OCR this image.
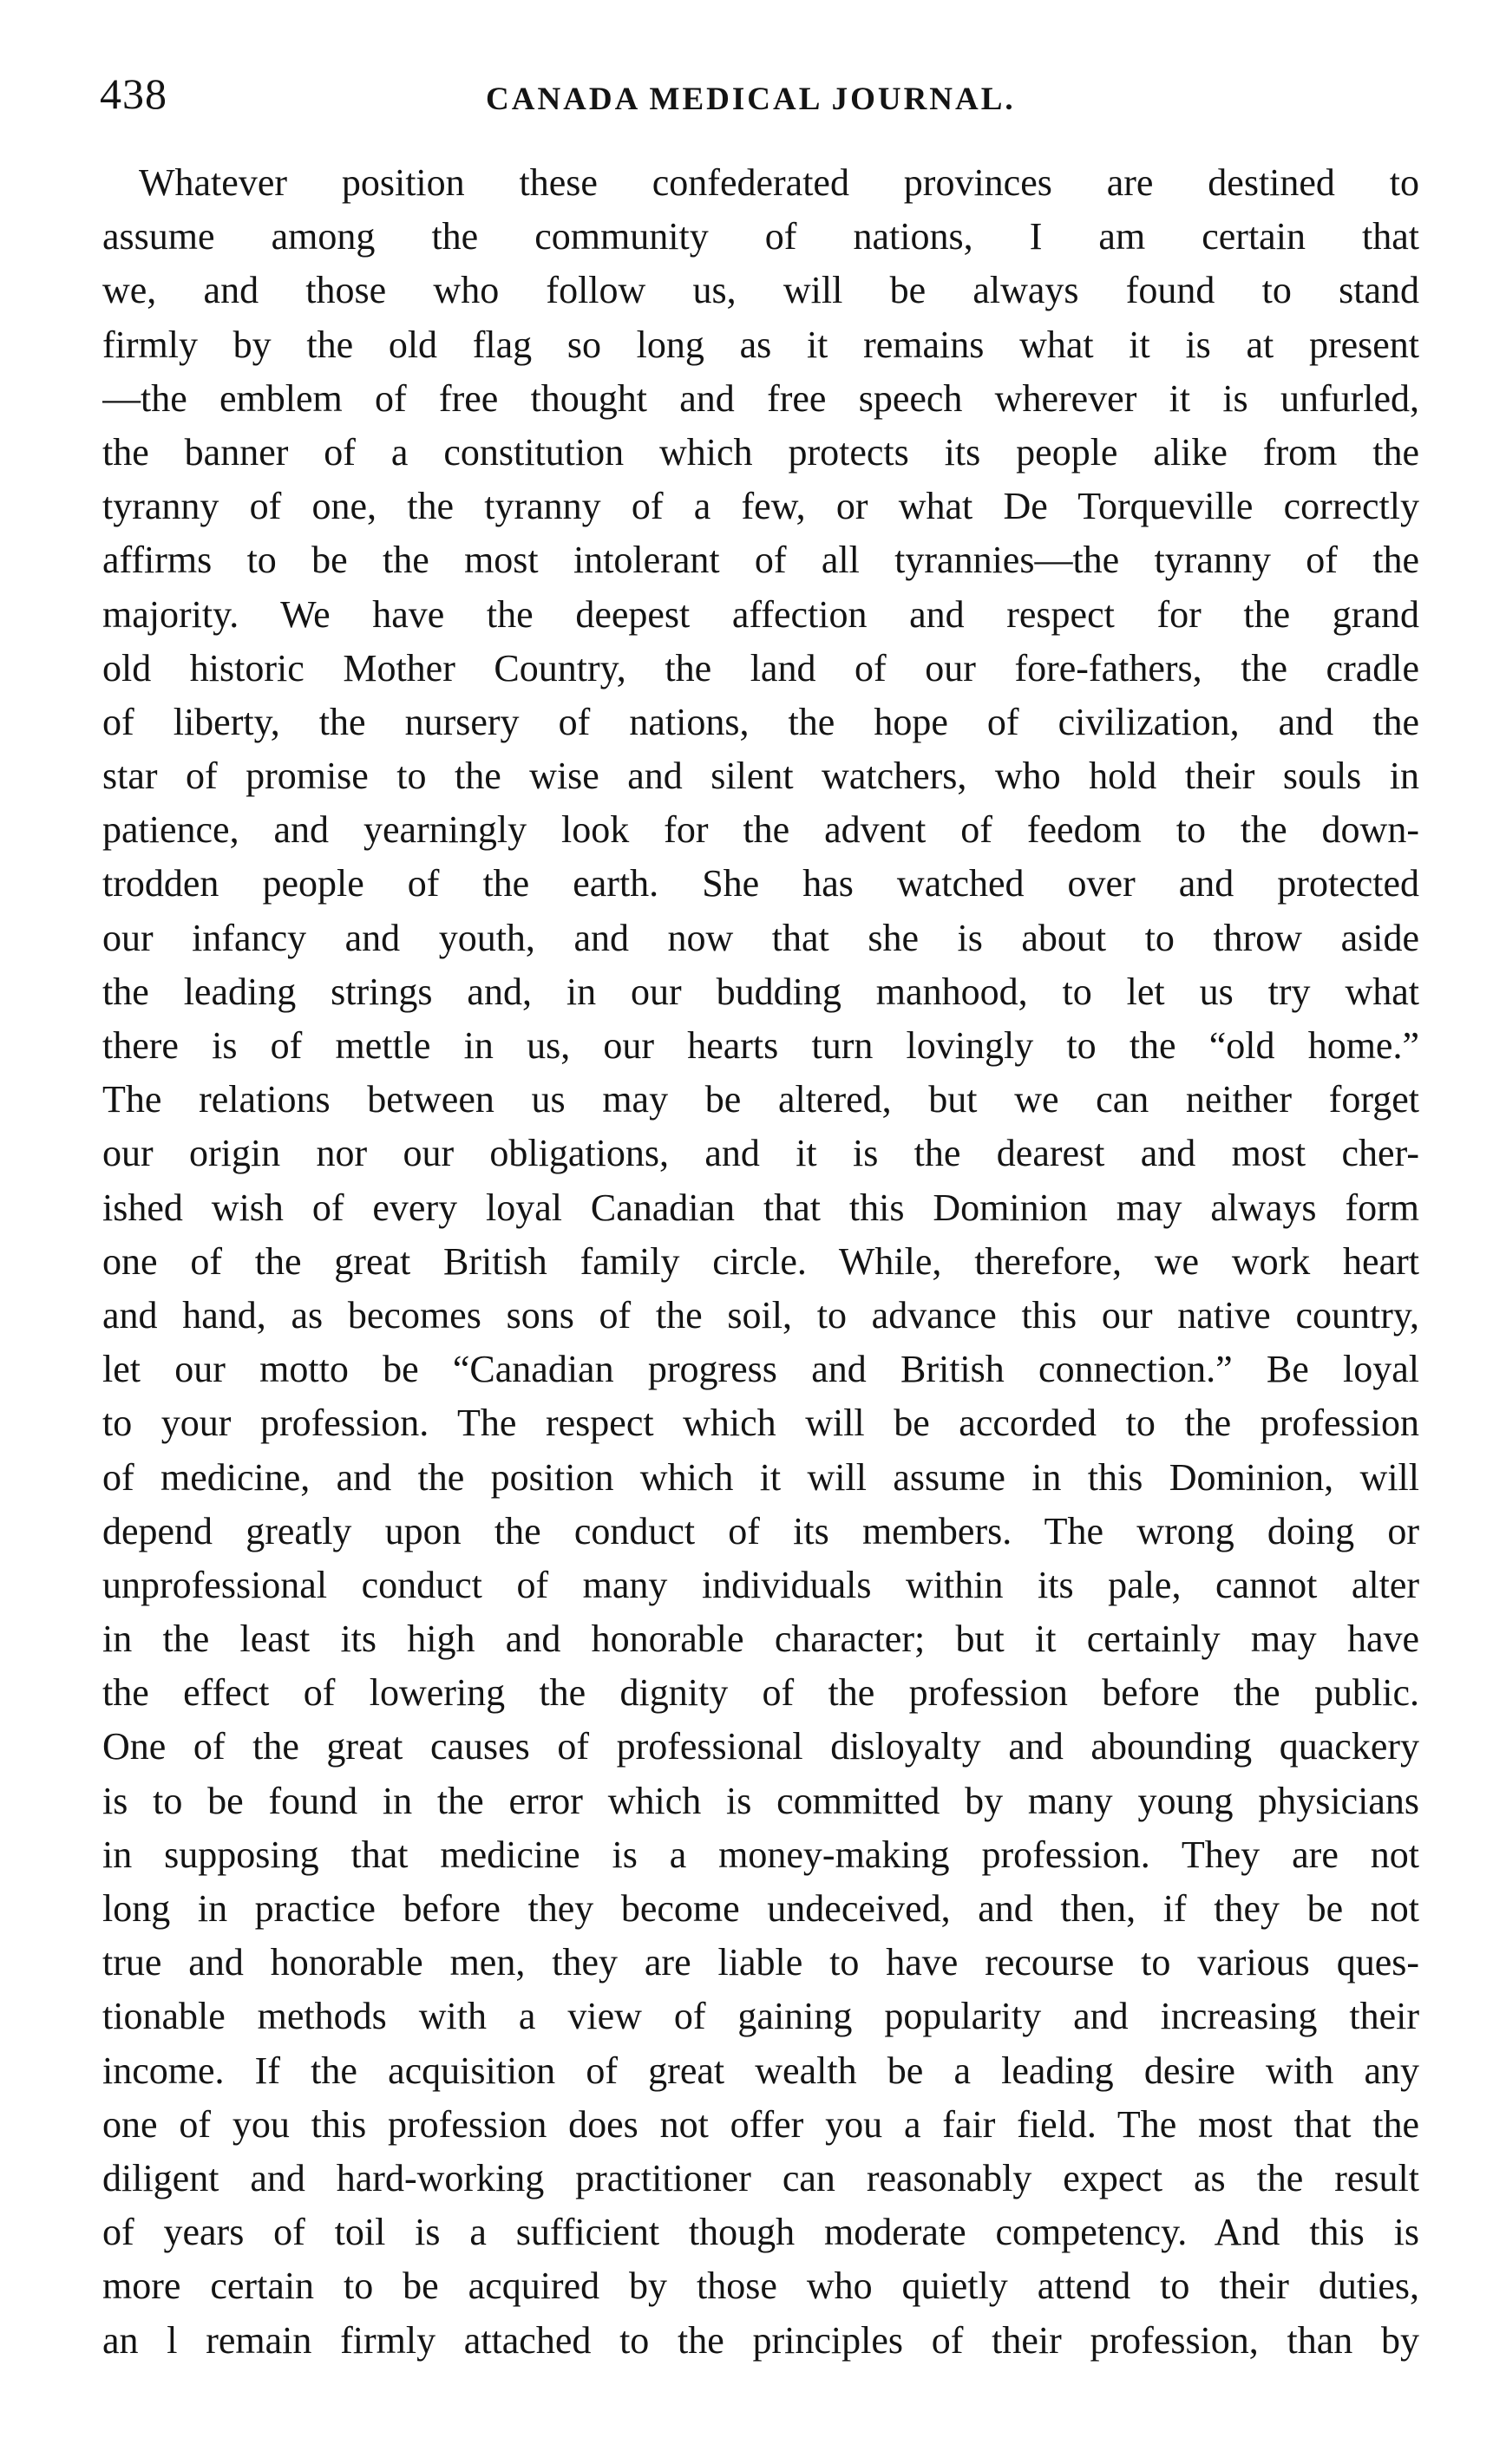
438	CANADA MEDICAL JOURNAL.
Whatever position these confederated provinces are destined to
assume among the community of nations, I am certain that
we, and those who follow us, will be always found to stand
firmly by the old flag so long as it remains what it is at present
—the emblem of free thought and free speech wherever it is unfurled,
the banner of a constitution which protects its people alike from the
tyranny of one, the tyranny of a few, or what De Torqueville correctly
affirms to be the most intolerant of all tyrannies—the tyranny of the
majority. We have the deepest affection and respect for the grand
old historic Mother Country, the land of our fore-fathers, the cradle
of liberty, the nursery of nations, the hope of civilization, and the
star of promise to the wise and silent watchers, who hold their souls in
patience, and yearningly look for the advent of feedom to the down-
trodden people of the earth. She has watched over and protected
our infancy and youth, and now that she is about to throw aside
the leading strings and, in our budding manhood, to let us try what
there is of mettle in us, our hearts turn lovingly to the “old home.”
The relations between us may be altered, but we can neither forget
our origin nor our obligations, and it is the dearest and most cher-
ished wish of every loyal Canadian that this Dominion may always form
one of the great British family circle. While, therefore, we work heart
and hand, as becomes sons of the soil, to advance this our native country,
let our motto be “Canadian progress and British connection.” Be loyal
to your profession. The respect which will be accorded to the profession
of medicine, and the position which it will assume in this Dominion, will
depend greatly upon the conduct of its members. The wrong doing or
unprofessional conduct of many individuals within its pale, cannot alter
in the least its high and honorable character; but it certainly may have
the effect of lowering the dignity of the profession before the public.
One of the great causes of professional disloyalty and abounding quackery
is to be found in the error which is committed by many young physicians
in supposing that medicine is a money-making profession. They are not
long in practice before they become undeceived, and then, if they be not
true and honorable men, they are liable to have recourse to various ques-
tionable methods with a view of gaining popularity and increasing their
income. If the acquisition of great wealth be a leading desire with any
one of you this profession does not offer you a fair field. The most that the
diligent and hard-working practitioner can reasonably expect as the result
of years of toil is a sufficient though moderate competency. And this is
more certain to be acquired by those who quietly attend to their duties,
an l remain firmly attached to the principles of their profession, than by
